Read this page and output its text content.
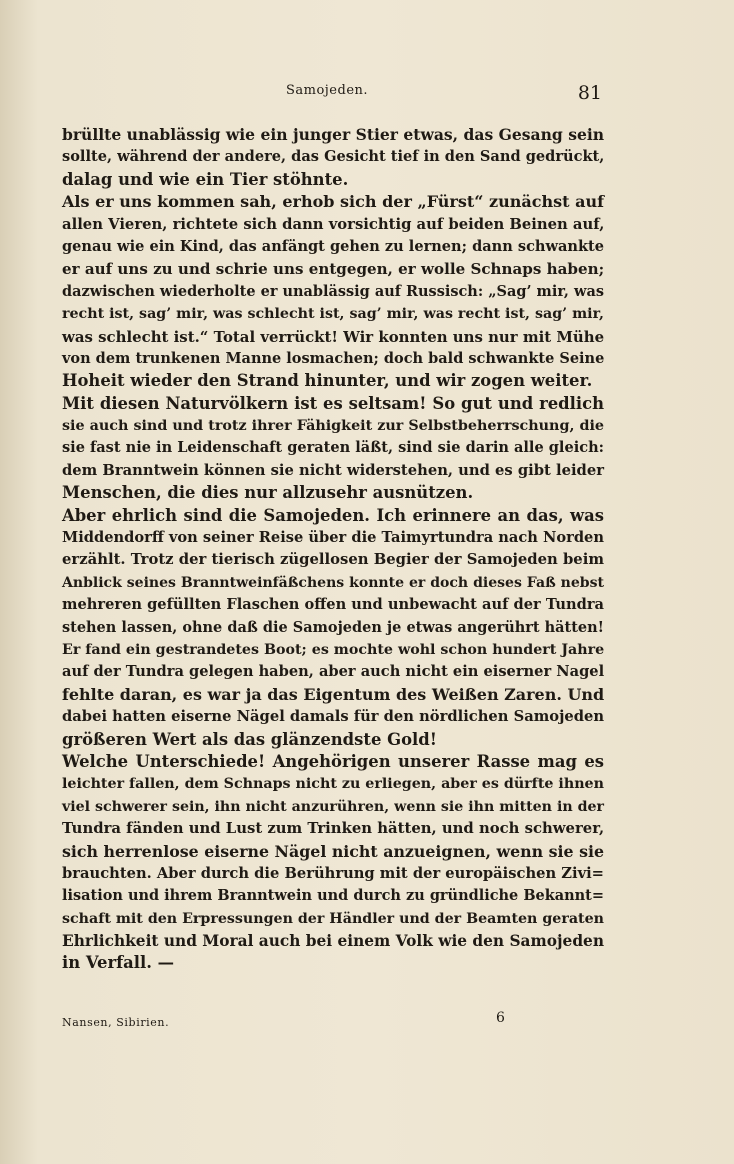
Samojeden.	81
brüllte unablässig wie ein junger Stier etwas, das Gesang sein
sollte, während der andere, das Gesicht tief in den Sand gedrückt,
dalag und wie ein Tier stöhnte.
Als er uns kommen sah, erhob sich der „Fürst“ zunächst auf
allen Vieren, richtete sich dann vorsichtig auf beiden Beinen auf,
genau wie ein Kind, das anfängt gehen zu lernen; dann schwankte
er auf uns zu und schrie uns entgegen, er wolle Schnaps haben;
dazwischen wiederholte er unablässig auf Russisch: „Sag’ mir, was
recht ist, sag’ mir, was schlecht ist, sag’ mir, was recht ist, sag’ mir,
was schlecht ist.“ Total verrückt! Wir konnten uns nur mit Mühe
von dem trunkenen Manne losmachen; doch bald schwankte Seine
Hoheit wieder den Strand hinunter, und wir zogen weiter.
Mit diesen Naturvölkern ist es seltsam! So gut und redlich
sie auch sind und trotz ihrer Fähigkeit zur Selbstbeherrschung, die
sie fast nie in Leidenschaft geraten läßt, sind sie darin alle gleich:
dem Branntwein können sie nicht widerstehen, und es gibt leider
Menschen, die dies nur allzusehr ausnützen.
Aber ehrlich sind die Samojeden. Ich erinnere an das, was
Middendorff von seiner Reise über die Taimyrtundra nach Norden
erzählt. Trotz der tierisch zügellosen Begier der Samojeden beim
Anblick seines Branntweinfäßchens konnte er doch dieses Faß nebst
mehreren gefüllten Flaschen offen und unbewacht auf der Tundra
stehen lassen, ohne daß die Samojeden je etwas angerührt hätten!
Er fand ein gestrandetes Boot; es mochte wohl schon hundert Jahre
auf der Tundra gelegen haben, aber auch nicht ein eiserner Nagel
fehlte daran, es war ja das Eigentum des Weißen Zaren. Und
dabei hatten eiserne Nägel damals für den nördlichen Samojeden
größeren Wert als das glänzendste Gold!
Welche Unterschiede! Angehörigen unserer Rasse mag es
leichter fallen, dem Schnaps nicht zu erliegen, aber es dürfte ihnen
viel schwerer sein, ihn nicht anzurühren, wenn sie ihn mitten in der
Tundra fänden und Lust zum Trinken hätten, und noch schwerer,
sich herrenlose eiserne Nägel nicht anzueignen, wenn sie sie
brauchten. Aber durch die Berührung mit der europäischen Zivi=
lisation und ihrem Branntwein und durch zu gründliche Bekannt=
schaft mit den Erpressungen der Händler und der Beamten geraten
Ehrlichkeit und Moral auch bei einem Volk wie den Samojeden
in Verfall. —
Nansen, Sibirien.	6
